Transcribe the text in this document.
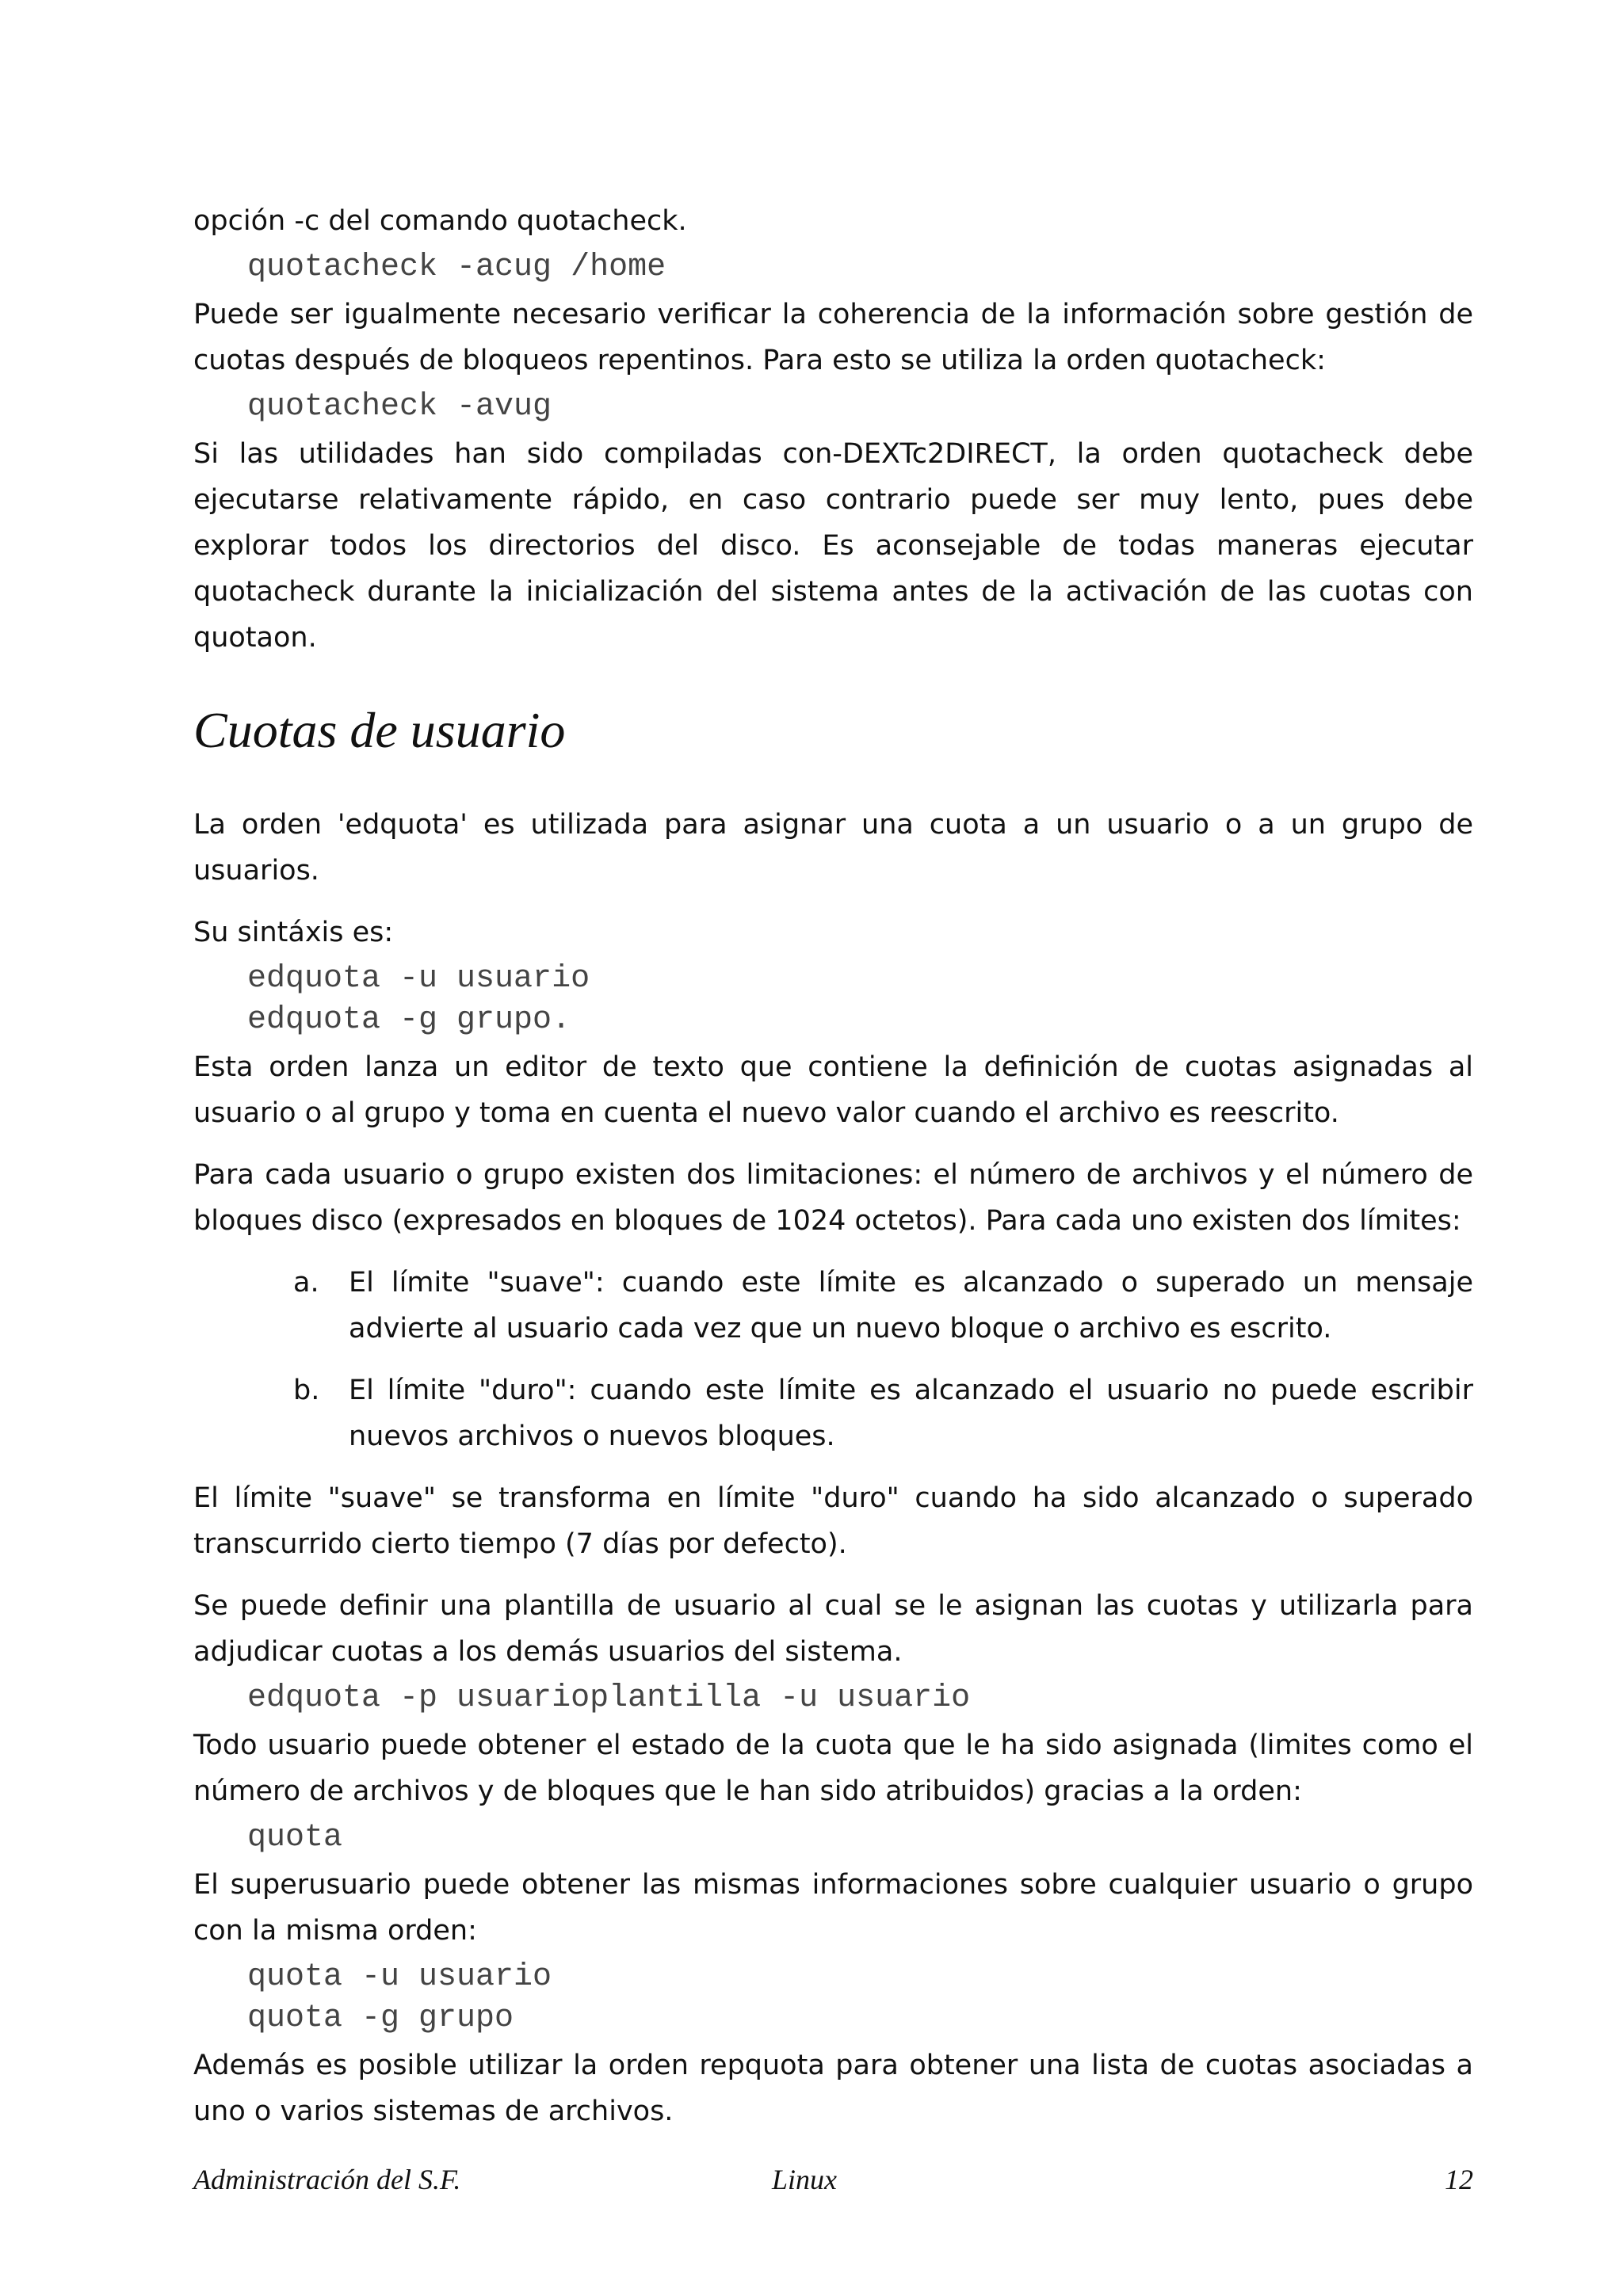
opción -c del comando quotacheck.

quotacheck -acug /home

Puede ser igualmente necesario verificar la coherencia de la información sobre gestión de cuotas después de bloqueos repentinos. Para esto se utiliza la orden quotacheck:

quotacheck -avug

Si las utilidades han sido compiladas con-DEXTc2DIRECT, la orden quotacheck debe ejecutarse relativamente rápido, en caso contrario puede ser muy lento, pues debe explorar todos los directorios del disco. Es aconsejable de todas maneras ejecutar quotacheck durante la inicialización del sistema antes de la activación de las cuotas con quotaon.

Cuotas de usuario

La orden 'edquota' es utilizada para asignar una cuota a un usuario o a un grupo de usuarios.

Su sintáxis es:

edquota -u usuario
edquota -g grupo.

Esta orden lanza un editor de texto que contiene la definición de cuotas asignadas al usuario o al grupo y toma en cuenta el nuevo valor cuando el archivo es reescrito.

Para cada usuario o grupo existen dos limitaciones: el número de archivos y el número de bloques disco (expresados en bloques de 1024 octetos). Para cada uno existen dos límites:

a. El límite "suave": cuando este límite es alcanzado o superado un mensaje advierte al usuario cada vez que un nuevo bloque o archivo es escrito.
b. El límite "duro": cuando este límite es alcanzado el usuario no puede escribir nuevos archivos o nuevos bloques.

El límite "suave" se transforma en límite "duro" cuando ha sido alcanzado o superado transcurrido cierto tiempo (7 días por defecto).

Se puede definir una plantilla de usuario al cual se le asignan las cuotas y utilizarla para adjudicar cuotas a los demás usuarios del sistema.

edquota -p usuarioplantilla -u usuario

Todo usuario puede obtener el estado de la cuota que le ha sido asignada (limites como el número de archivos y de bloques que le han sido atribuidos) gracias a la orden:

quota

El superusuario puede obtener las mismas informaciones sobre cualquier usuario o grupo con la misma orden:

quota -u usuario
quota -g grupo

Además es posible utilizar la orden repquota para obtener una lista de cuotas asociadas a uno o varios sistemas de archivos.

Administración del S.F.	Linux	12
